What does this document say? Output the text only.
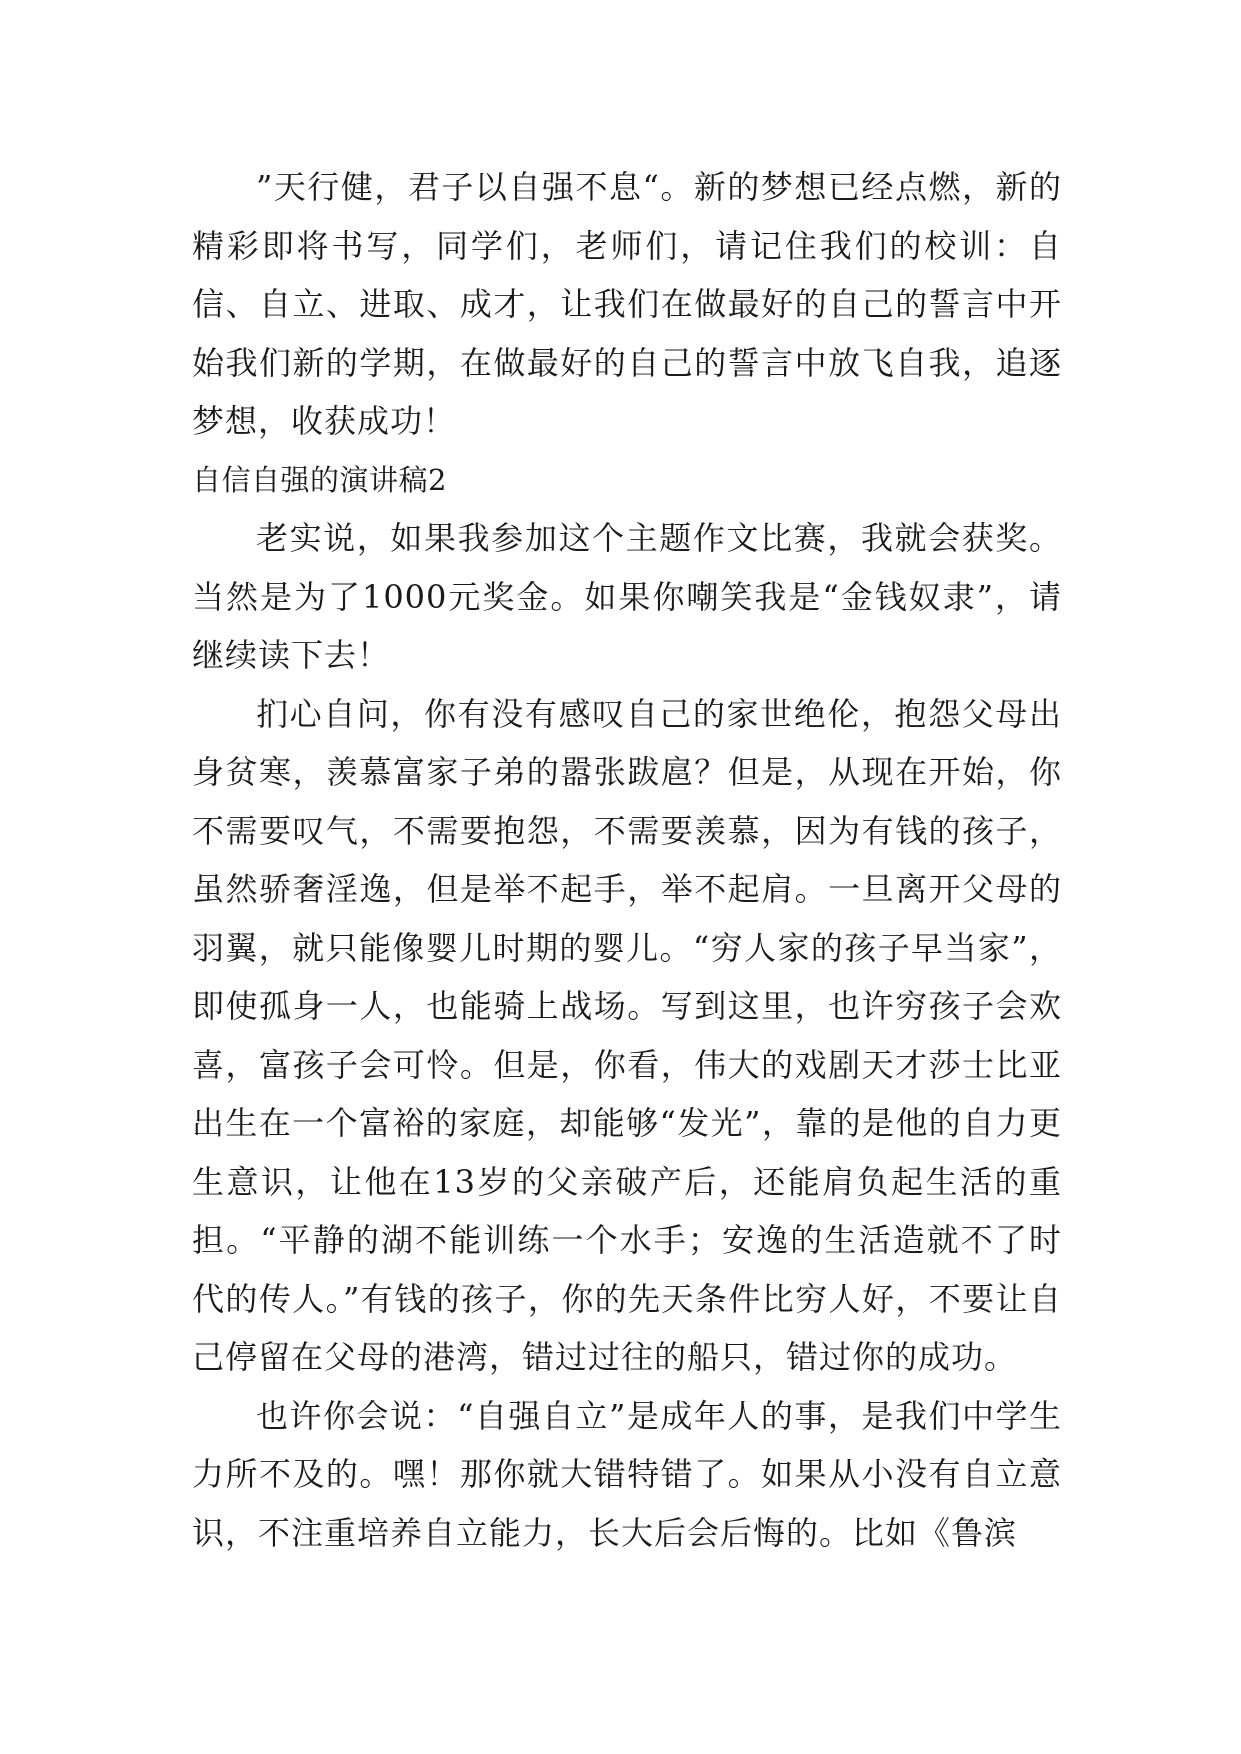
”天行健，君子以自强不息“。新的梦想已经点燃，新的精彩即将书写，同学们，老师们，请记住我们的校训：自信、自立、进取、成才，让我们在做最好的自己的誓言中开始我们新的学期，在做最好的自己的誓言中放飞自我，追逐梦想，收获成功！

自信自强的演讲稿2

老实说，如果我参加这个主题作文比赛，我就会获奖。当然是为了1000元奖金。如果你嘲笑我是“金钱奴隶”，请继续读下去！

扪心自问，你有没有感叹自己的家世绝伦，抱怨父母出身贫寒，羡慕富家子弟的嚣张跋扈？但是，从现在开始，你不需要叹气，不需要抱怨，不需要羡慕，因为有钱的孩子，虽然骄奢淫逸，但是举不起手，举不起肩。一旦离开父母的羽翼，就只能像婴儿时期的婴儿。“穷人家的孩子早当家”，即使孤身一人，也能骑上战场。写到这里，也许穷孩子会欢喜，富孩子会可怜。但是，你看，伟大的戏剧天才莎士比亚出生在一个富裕的家庭，却能够“发光”，靠的是他的自力更生意识，让他在13岁的父亲破产后，还能肩负起生活的重担。“平静的湖不能训练一个水手；安逸的生活造就不了时代的传人。”有钱的孩子，你的先天条件比穷人好，不要让自己停留在父母的港湾，错过过往的船只，错过你的成功。

也许你会说：“自强自立”是成年人的事，是我们中学生力所不及的。嘿！那你就大错特错了。如果从小没有自立意识，不注重培养自立能力，长大后会后悔的。比如《鲁滨
